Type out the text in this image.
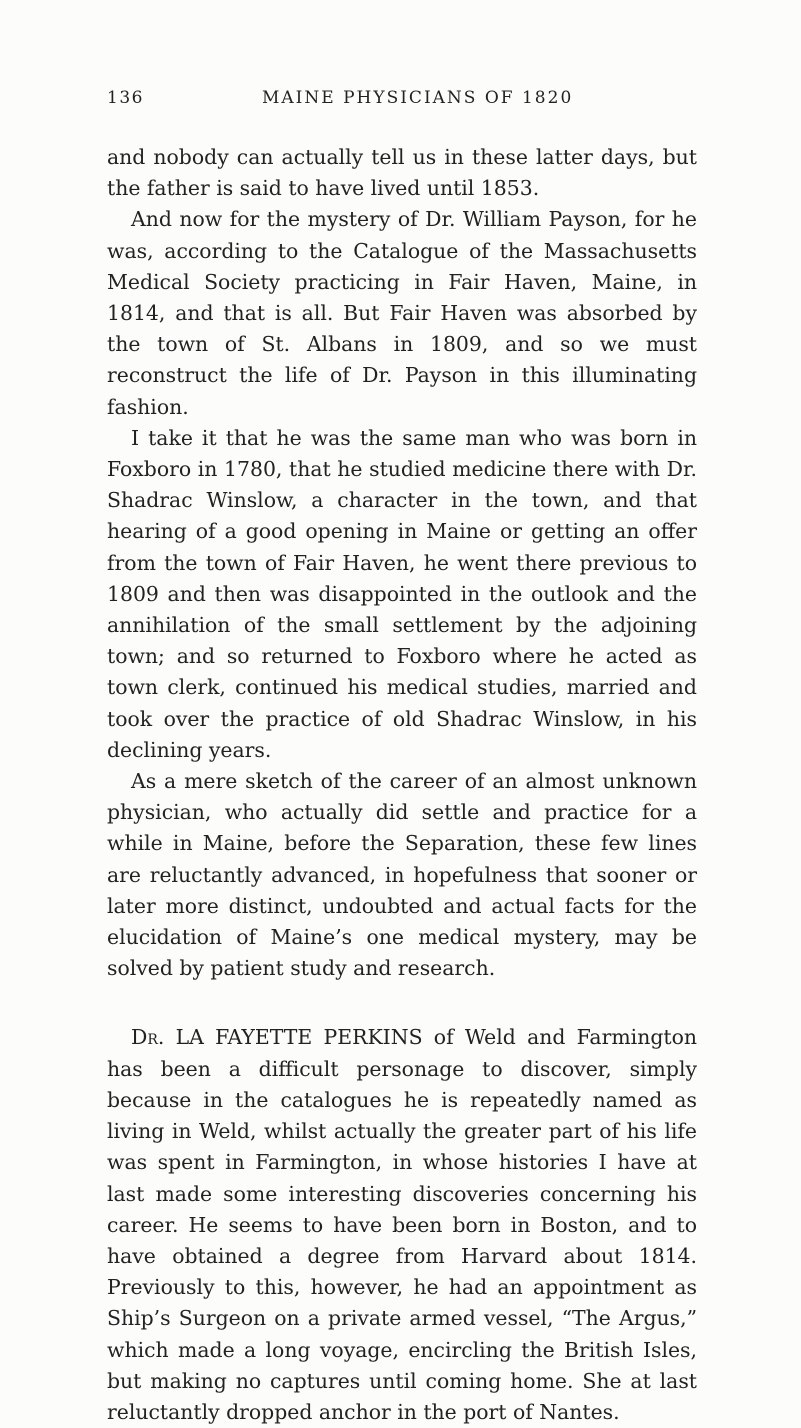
136	MAINE PHYSICIANS OF 1820

and nobody can actually tell us in these latter days, but the father is said to have lived until 1853.

And now for the mystery of Dr. William Payson, for he was, according to the Catalogue of the Massachusetts Medical Society practicing in Fair Haven, Maine, in 1814, and that is all. But Fair Haven was absorbed by the town of St. Albans in 1809, and so we must reconstruct the life of Dr. Payson in this illuminating fashion.

I take it that he was the same man who was born in Foxboro in 1780, that he studied medicine there with Dr. Shadrac Winslow, a character in the town, and that hearing of a good opening in Maine or getting an offer from the town of Fair Haven, he went there previous to 1809 and then was disappointed in the outlook and the annihilation of the small settlement by the adjoining town; and so returned to Foxboro where he acted as town clerk, continued his medical studies, married and took over the practice of old Shadrac Winslow, in his declining years.

As a mere sketch of the career of an almost unknown physician, who actually did settle and practice for a while in Maine, before the Separation, these few lines are reluctantly advanced, in hopefulness that sooner or later more distinct, undoubted and actual facts for the elucidation of Maine’s one medical mystery, may be solved by patient study and research.

Dr. LA FAYETTE PERKINS of Weld and Farmington has been a difficult personage to discover, simply because in the catalogues he is repeatedly named as living in Weld, whilst actually the greater part of his life was spent in Farmington, in whose histories I have at last made some interesting discoveries concerning his career. He seems to have been born in Boston, and to have obtained a degree from Harvard about 1814. Previously to this, however, he had an appointment as Ship’s Surgeon on a private armed vessel, “The Argus,” which made a long voyage, encircling the British Isles, but making no captures until coming home. She at last reluctantly dropped anchor in the port of Nantes.
